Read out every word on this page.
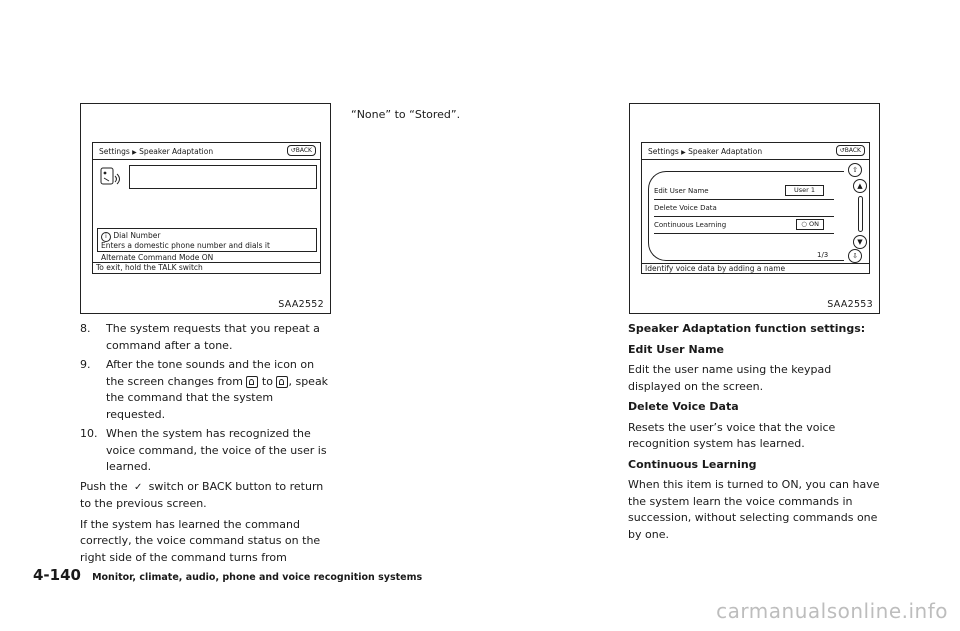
Settings ▶ Speaker Adaptation	↺BACK
i Dial Number
Enters a domestic phone number and dials it
Alternate Command Mode ON
To exit, hold the TALK switch
SAA2552
Settings ▶ Speaker Adaptation	↺BACK
Edit User Name	User 1
Delete Voice Data
Continuous Learning	○ ON
1/3
⇧
▲
▼
⇩
Identify voice data by adding a name
SAA2553
8.	The system requests that you repeat a command after a tone.
9.	After the tone sounds and the icon on the screen changes from to , speak the command that the system requested.
10. When the system has recognized the voice command, the voice of the user is learned.

Push the ✓ switch or BACK button to return to the previous screen.

If the system has learned the command correctly, the voice command status on the right side of the command turns from

“None” to “Stored”.

Speaker Adaptation function settings:

Edit User Name

Edit the user name using the keypad displayed on the screen.

Delete Voice Data

Resets the user’s voice that the voice recognition system has learned.

Continuous Learning

When this item is turned to ON, you can have the system learn the voice commands in succession, without selecting commands one by one.

4-140 Monitor, climate, audio, phone and voice recognition systems
carmanualsonline.info
